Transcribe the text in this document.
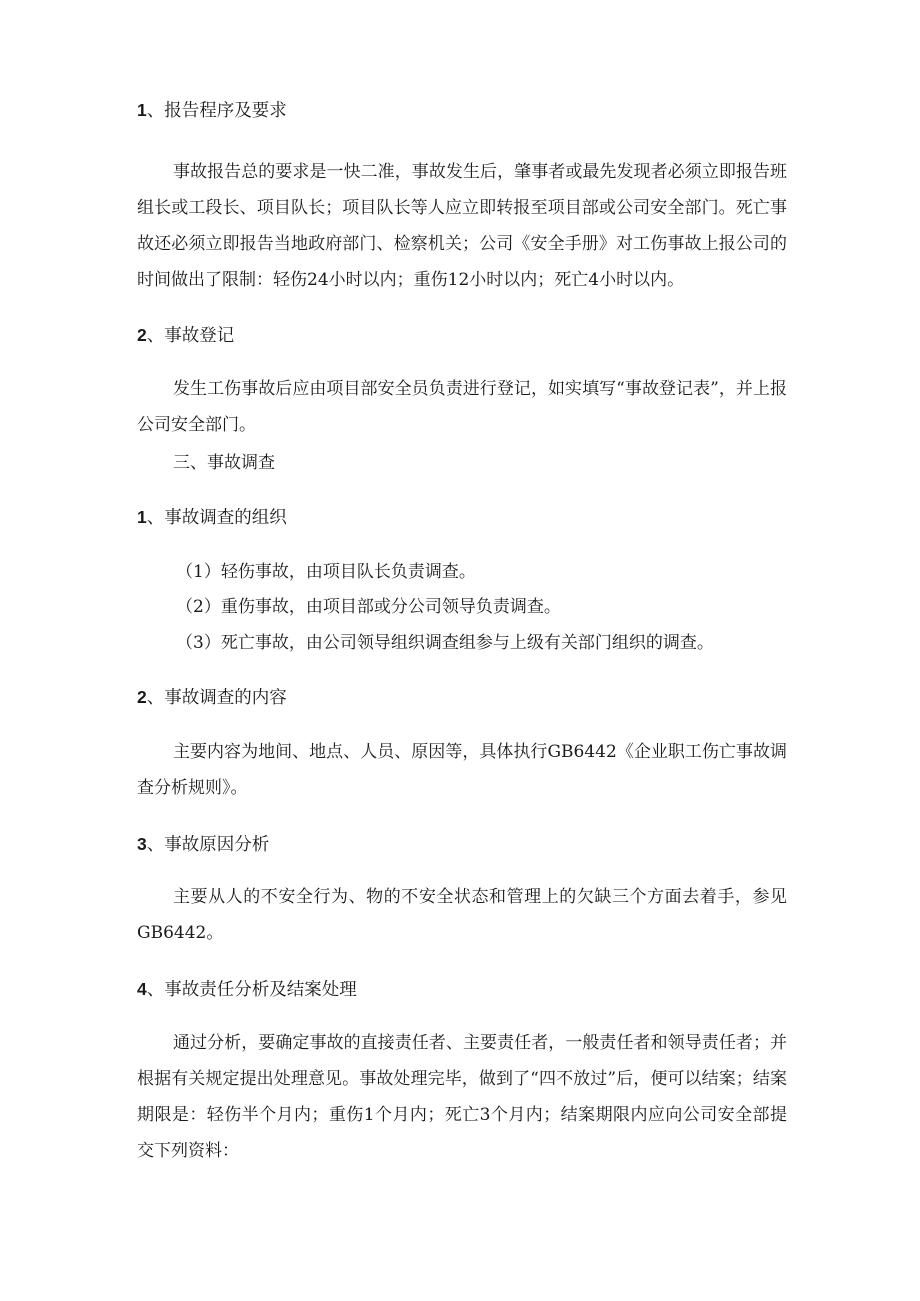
1、报告程序及要求
事故报告总的要求是一快二准，事故发生后，肇事者或最先发现者必须立即报告班组长或工段长、项目队长；项目队长等人应立即转报至项目部或公司安全部门。死亡事故还必须立即报告当地政府部门、检察机关；公司《安全手册》对工伤事故上报公司的时间做出了限制：轻伤24小时以内；重伤12小时以内；死亡4小时以内。
2、事故登记
发生工伤事故后应由项目部安全员负责进行登记，如实填写“事故登记表”，并上报公司安全部门。
三、事故调查
1、事故调查的组织
（1）轻伤事故，由项目队长负责调查。
（2）重伤事故，由项目部或分公司领导负责调查。
（3）死亡事故，由公司领导组织调查组参与上级有关部门组织的调查。
2、事故调查的内容
主要内容为地间、地点、人员、原因等，具体执行GB6442《企业职工伤亡事故调查分析规则》。
3、事故原因分析
主要从人的不安全行为、物的不安全状态和管理上的欠缺三个方面去着手，参见GB6442。
4、事故责任分析及结案处理
通过分析，要确定事故的直接责任者、主要责任者，一般责任者和领导责任者；并根据有关规定提出处理意见。事故处理完毕，做到了“四不放过”后，便可以结案；结案期限是：轻伤半个月内；重伤1个月内；死亡3个月内；结案期限内应向公司安全部提交下列资料：
